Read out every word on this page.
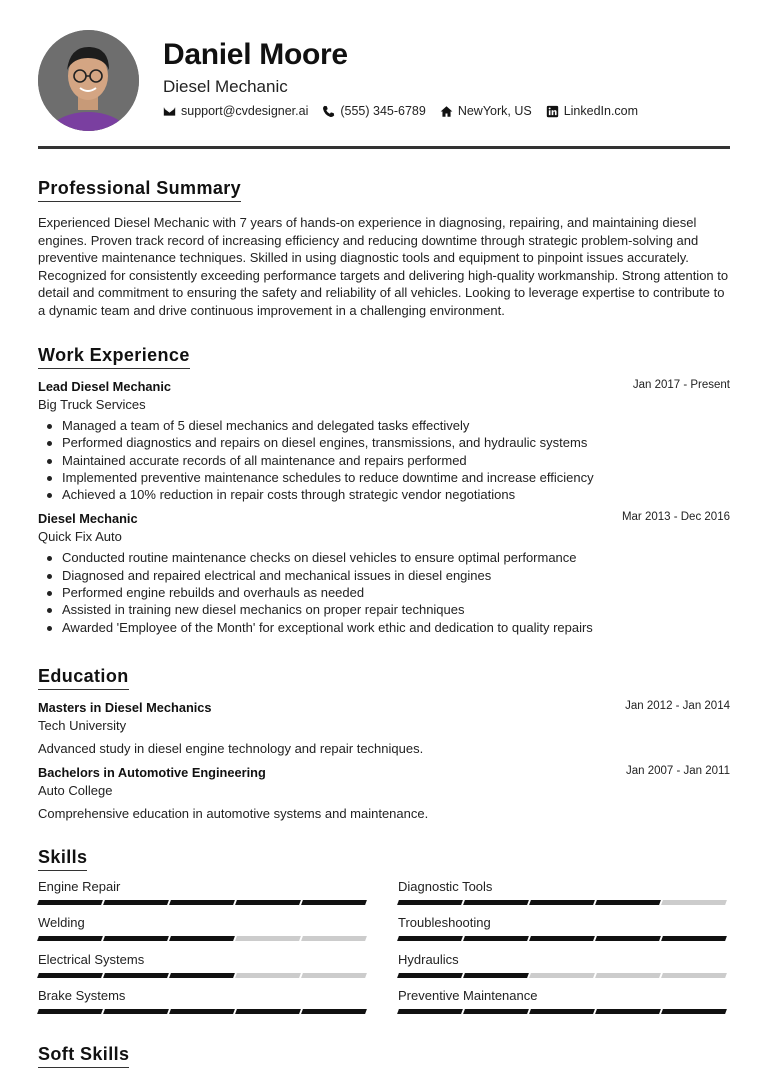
Daniel Moore
Diesel Mechanic
support@cvdesigner.ai	(555) 345-6789	NewYork, US	LinkedIn.com
Professional Summary

Experienced Diesel Mechanic with 7 years of hands-on experience in diagnosing, repairing, and maintaining diesel engines. Proven track record of increasing efficiency and reducing downtime through strategic problem-solving and preventive maintenance techniques. Skilled in using diagnostic tools and equipment to pinpoint issues accurately. Recognized for consistently exceeding performance targets and delivering high-quality workmanship. Strong attention to detail and commitment to ensuring the safety and reliability of all vehicles. Looking to leverage expertise to contribute to a dynamic team and drive continuous improvement in a challenging environment.

Work Experience
Lead Diesel Mechanic	Jan 2017 - Present
Big Truck Services
Managed a team of 5 diesel mechanics and delegated tasks effectively
Performed diagnostics and repairs on diesel engines, transmissions, and hydraulic systems
Maintained accurate records of all maintenance and repairs performed
Implemented preventive maintenance schedules to reduce downtime and increase efficiency
Achieved a 10% reduction in repair costs through strategic vendor negotiations
Diesel Mechanic	Mar 2013 - Dec 2016
Quick Fix Auto
Conducted routine maintenance checks on diesel vehicles to ensure optimal performance
Diagnosed and repaired electrical and mechanical issues in diesel engines
Performed engine rebuilds and overhauls as needed
Assisted in training new diesel mechanics on proper repair techniques
Awarded 'Employee of the Month' for exceptional work ethic and dedication to quality repairs
Education
Masters in Diesel Mechanics	Jan 2012 - Jan 2014
Tech University
Advanced study in diesel engine technology and repair techniques.
Bachelors in Automotive Engineering	Jan 2007 - Jan 2011
Auto College
Comprehensive education in automotive systems and maintenance.
Skills
Engine Repair	Diagnostic Tools
Welding	Troubleshooting
Electrical Systems	Hydraulics
Brake Systems	Preventive Maintenance
Soft Skills
